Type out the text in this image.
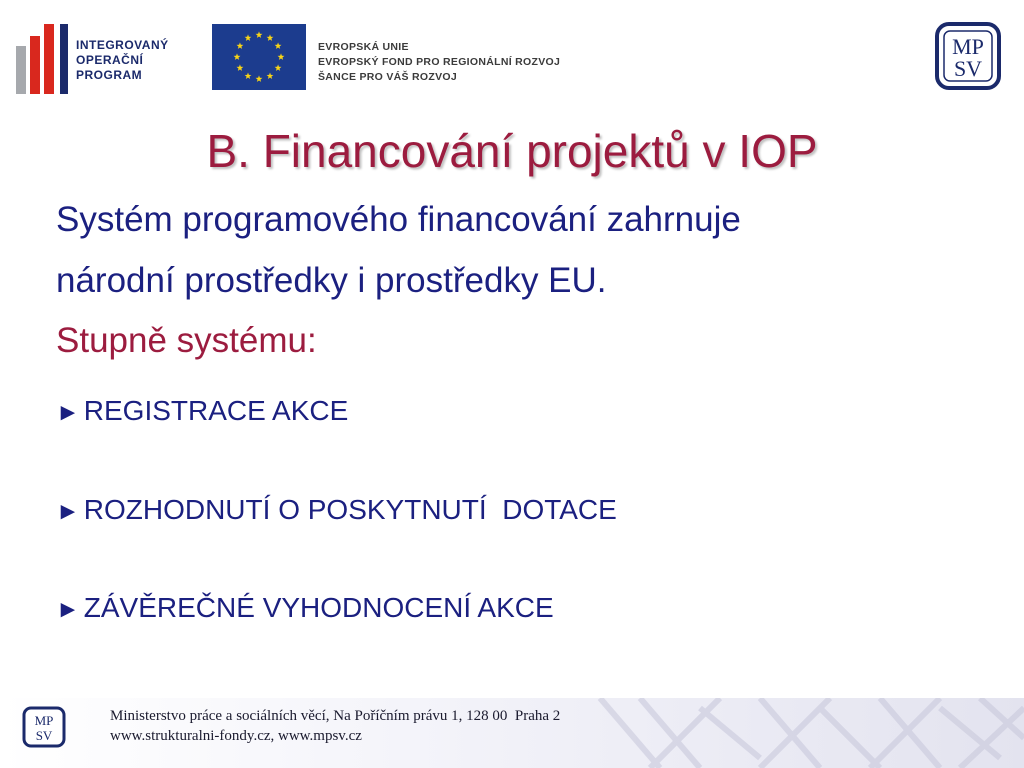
INTEGROVANÝ
OPERAČNÍ
PROGRAM
EVROPSKÁ UNIE
EVROPSKÝ FOND PRO REGIONÁLNÍ ROZVOJ
ŠANCE PRO VÁŠ ROZVOJ
MP
SV
B. Financování projektů v IOP

Systém programového financování zahrnuje

národní prostředky i prostředky EU.

Stupně systému:
► REGISTRACE AKCE
► ROZHODNUTÍ O POSKYTNUTÍ  DOTACE
► ZÁVĚREČNÉ VYHODNOCENÍ AKCE
MP
SV
Ministerstvo práce a sociálních věcí, Na Poříčním právu 1, 128 00  Praha 2
www.strukturalni-fondy.cz, www.mpsv.cz
